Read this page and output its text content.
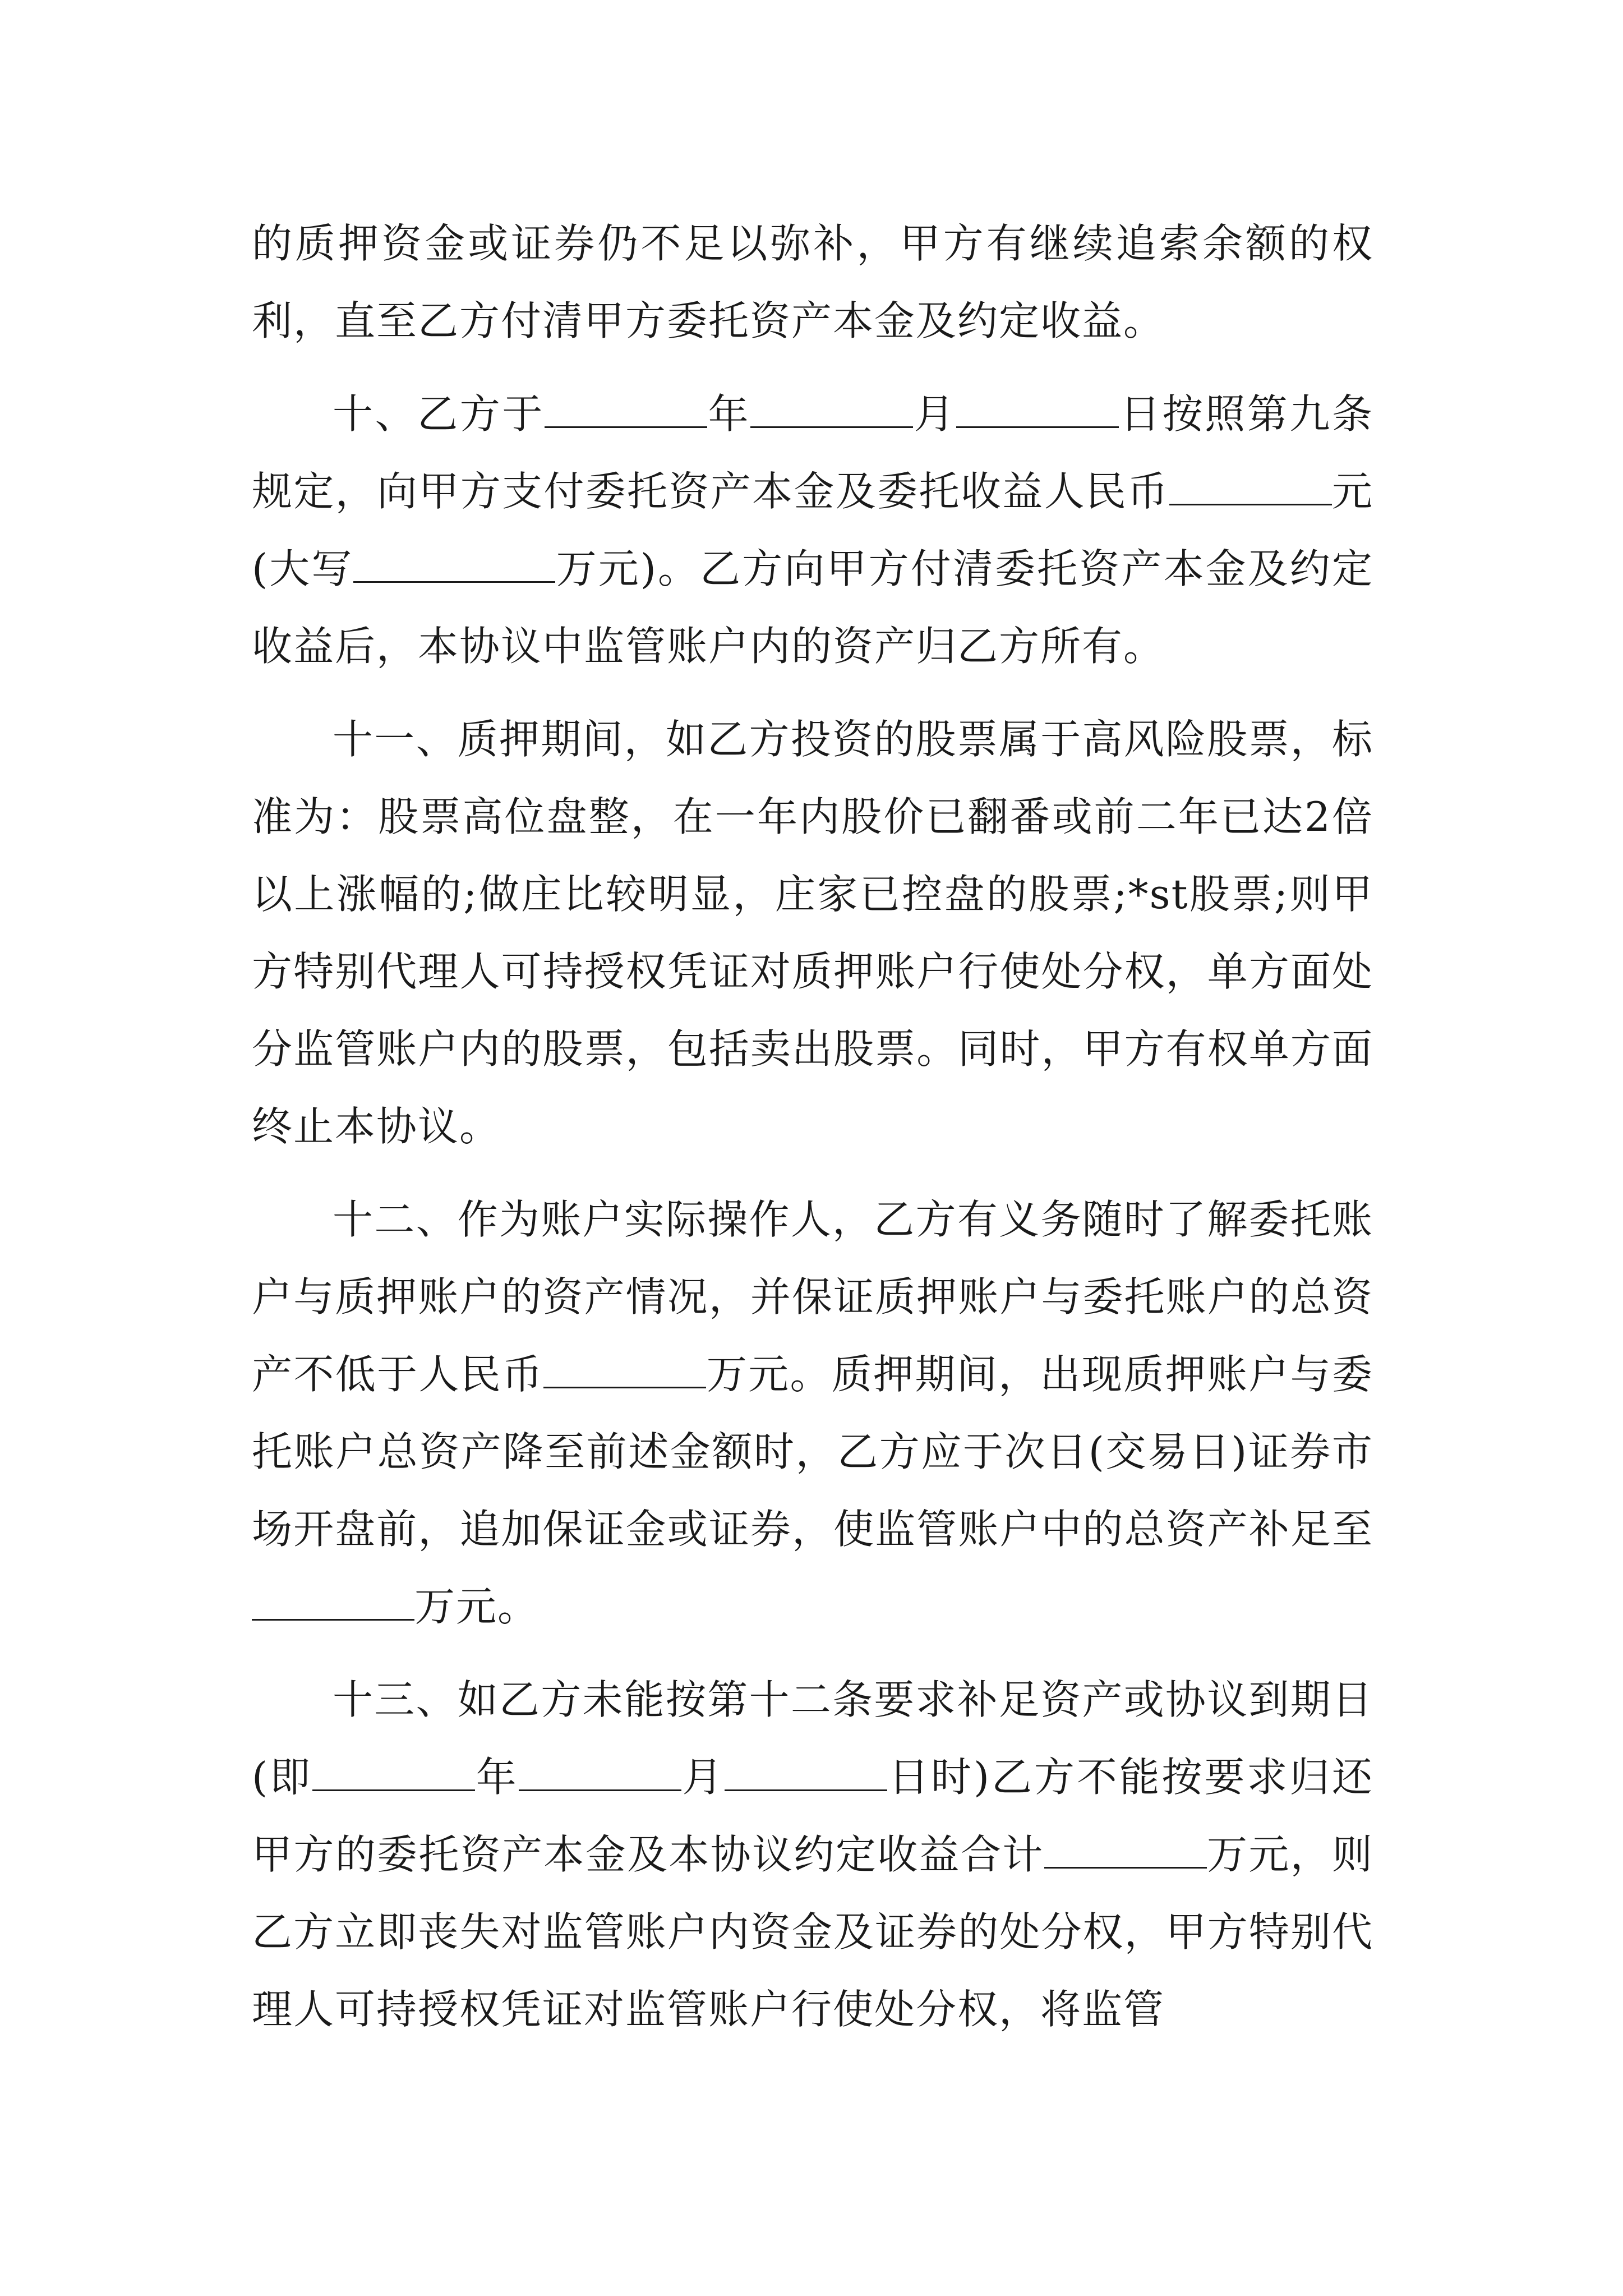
的质押资金或证券仍不足以弥补，甲方有继续追索余额的权利，直至乙方付清甲方委托资产本金及约定收益。

十、乙方于	年	月	日按照第九条规定，向甲方支付委托资产本金及委托收益人民币	元(大写	万元)。乙方向甲方付清委托资产本金及约定收益后，本协议中监管账户内的资产归乙方所有。

十一、质押期间，如乙方投资的股票属于高风险股票，标准为：股票高位盘整，在一年内股价已翻番或前二年已达2倍以上涨幅的;做庄比较明显，庄家已控盘的股票;*st股票;则甲方特别代理人可持授权凭证对质押账户行使处分权，单方面处分监管账户内的股票，包括卖出股票。同时，甲方有权单方面终止本协议。

十二、作为账户实际操作人，乙方有义务随时了解委托账户与质押账户的资产情况，并保证质押账户与委托账户的总资产不低于人民币	万元。质押期间，出现质押账户与委托账户总资产降至前述金额时，乙方应于次日(交易日)证券市场开盘前，追加保证金或证券，使监管账户中的总资产补足至万元。

十三、如乙方未能按第十二条要求补足资产或协议到期日(即	年	月	日时)乙方不能按要求归还甲方的委托资产本金及本协议约定收益合计	万元，则乙方立即丧失对监管账户内资金及证券的处分权，甲方特别代理人可持授权凭证对监管账户行使处分权，将监管
